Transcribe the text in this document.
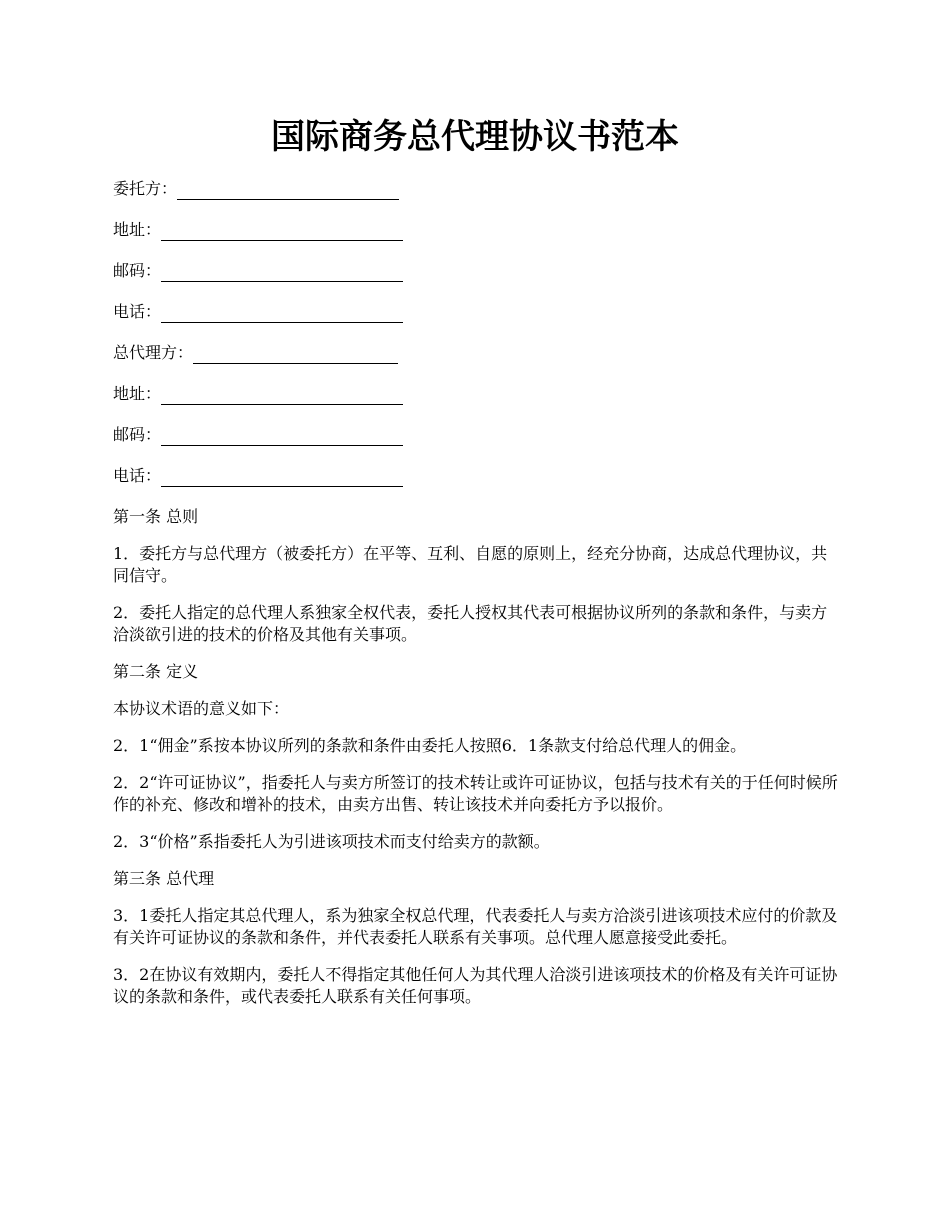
国际商务总代理协议书范本
委托方：
地址：
邮码：
电话：
总代理方：
地址：
邮码：
电话：
第一条 总则

1．委托方与总代理方（被委托方）在平等、互利、自愿的原则上，经充分协商，达成总代理协议，共同信守。

2．委托人指定的总代理人系独家全权代表，委托人授权其代表可根据协议所列的条款和条件，与卖方洽淡欲引进的技术的价格及其他有关事项。

第二条 定义

本协议术语的意义如下：

2．1“佣金”系按本协议所列的条款和条件由委托人按照6．1条款支付给总代理人的佣金。

2．2“许可证协议”，指委托人与卖方所签订的技术转让或许可证协议，包括与技术有关的于任何时候所作的补充、修改和增补的技术，由卖方出售、转让该技术并向委托方予以报价。

2．3“价格”系指委托人为引进该项技术而支付给卖方的款额。

第三条 总代理

3．1委托人指定其总代理人，系为独家全权总代理，代表委托人与卖方洽淡引进该项技术应付的价款及有关许可证协议的条款和条件，并代表委托人联系有关事项。总代理人愿意接受此委托。

3．2在协议有效期内，委托人不得指定其他任何人为其代理人洽淡引进该项技术的价格及有关许可证协议的条款和条件，或代表委托人联系有关任何事项。
